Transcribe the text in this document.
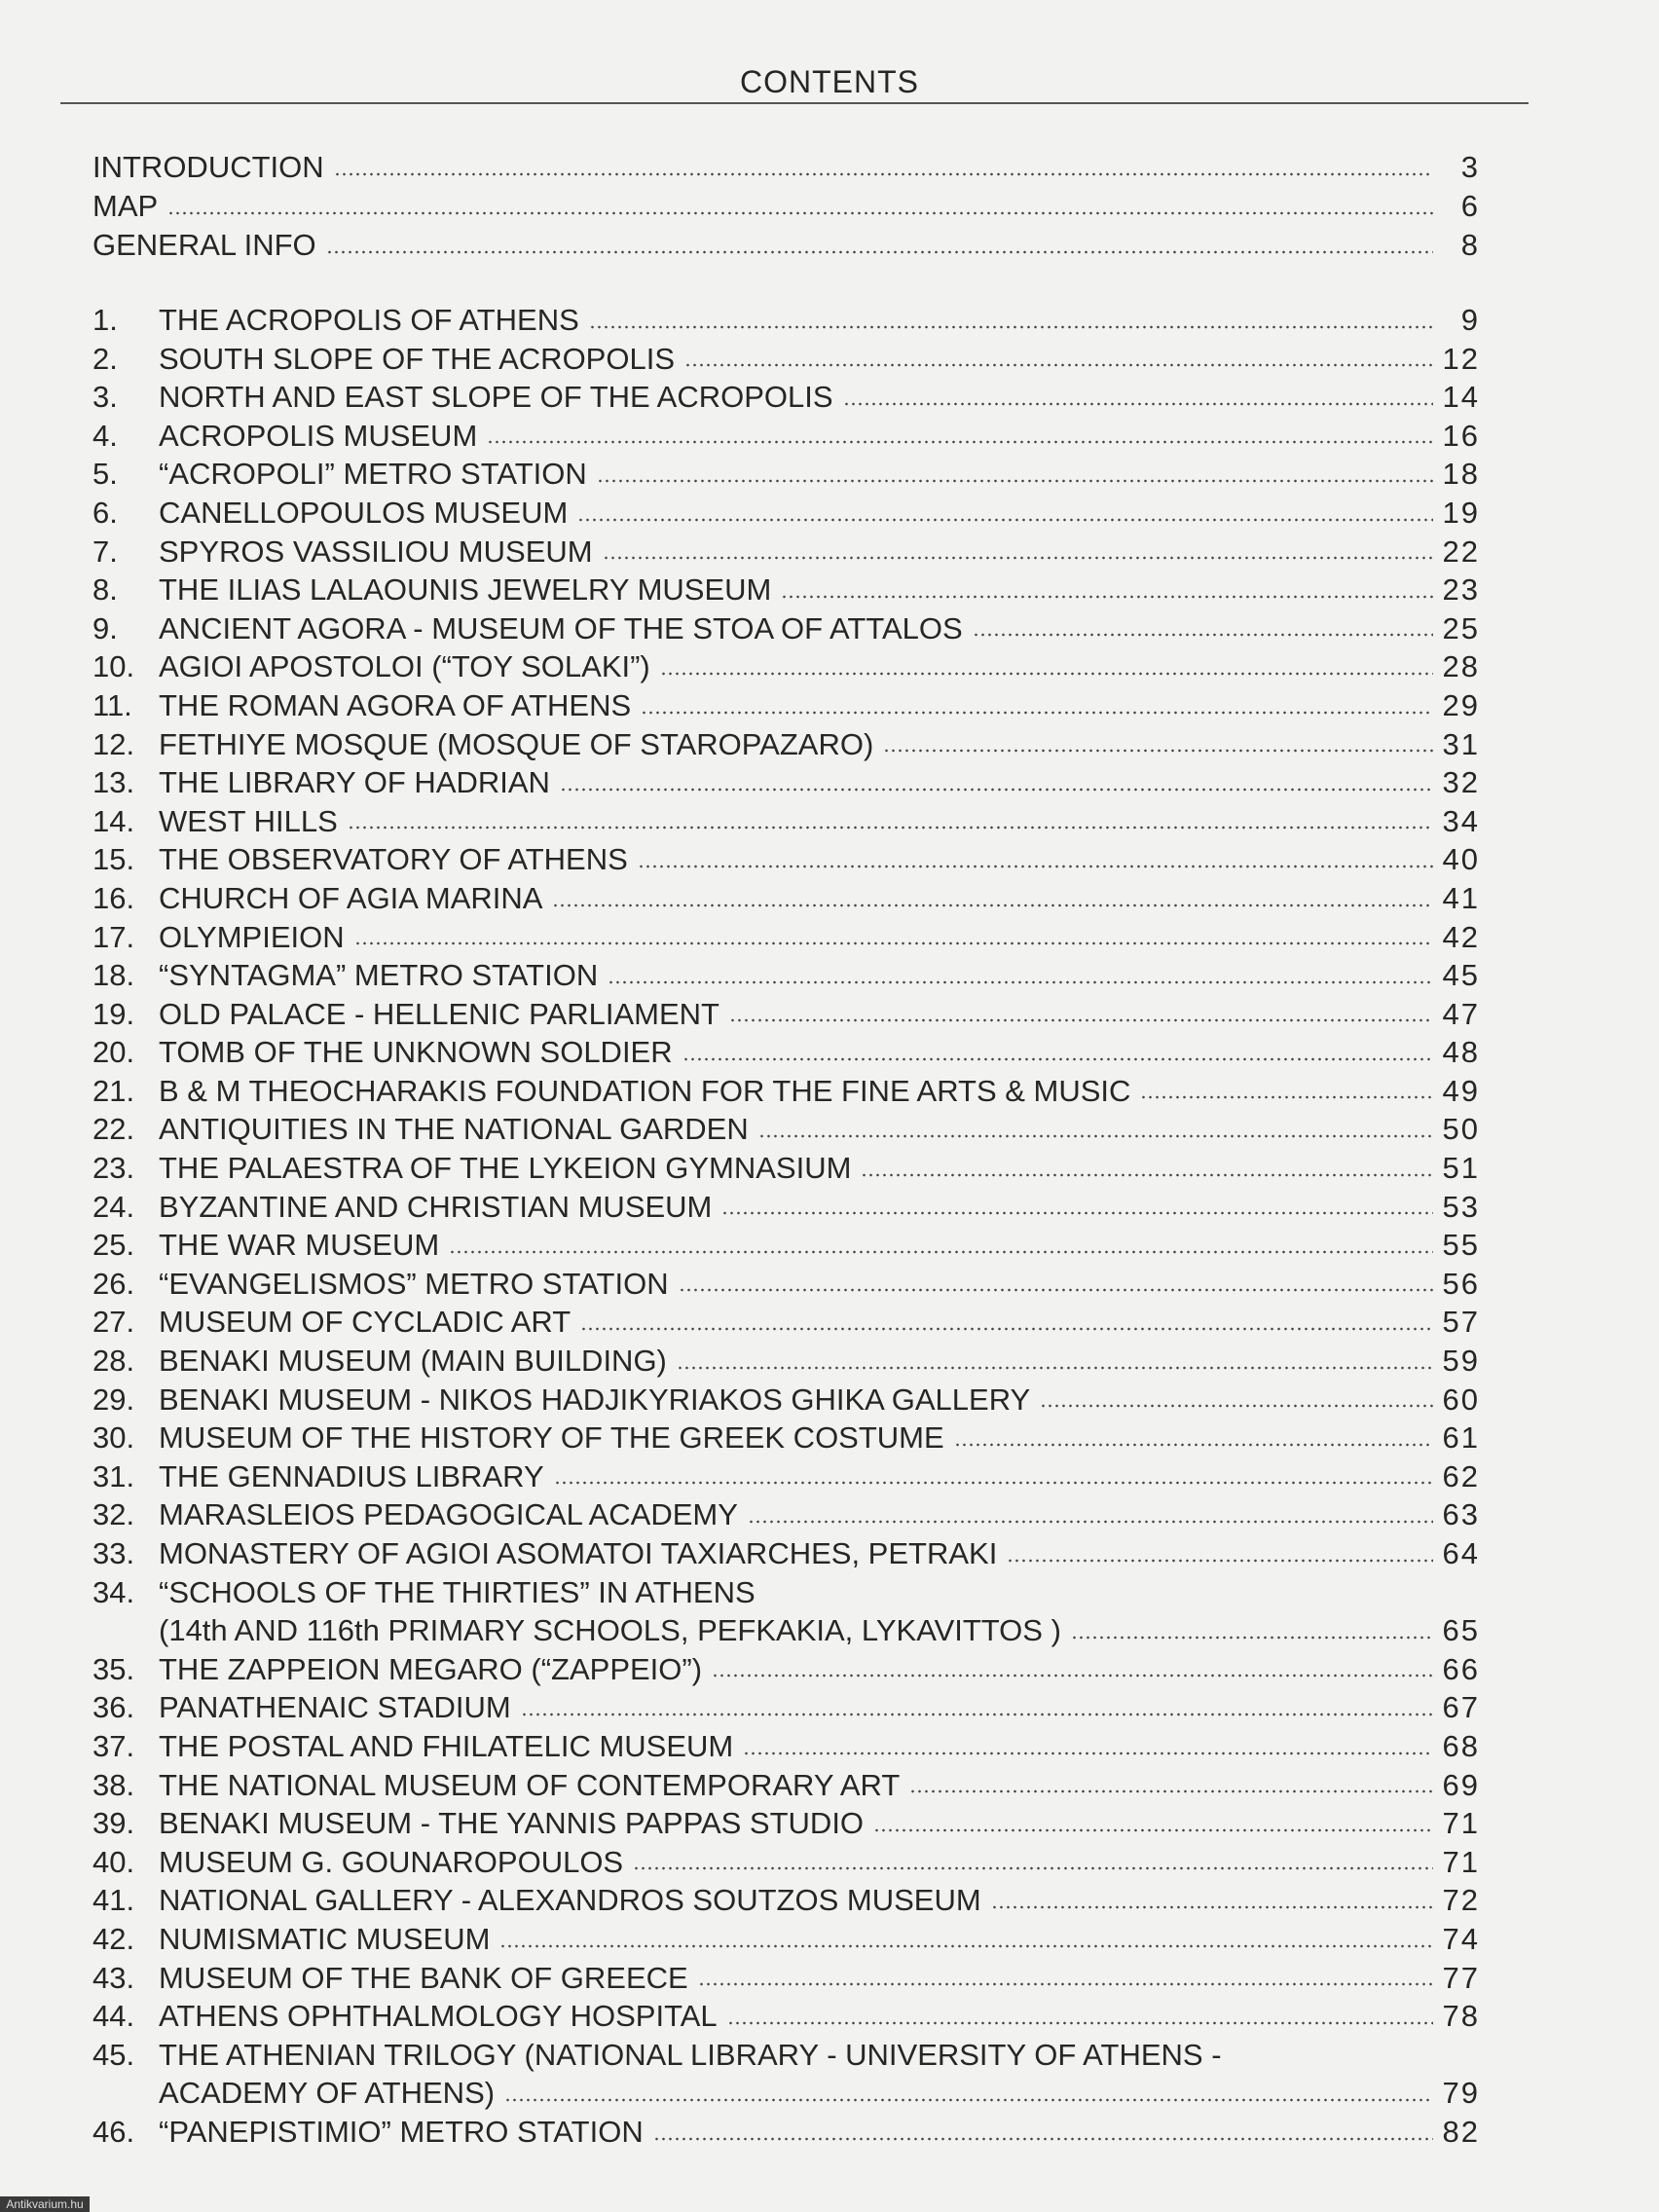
CONTENTS
INTRODUCTION	3
MAP	6
GENERAL INFO	8
1.	THE ACROPOLIS OF ATHENS	9
2.	SOUTH SLOPE OF THE ACROPOLIS	12
3.	NORTH AND EAST SLOPE OF THE ACROPOLIS	14
4.	ACROPOLIS MUSEUM	16
5.	“ACROPOLI” METRO STATION	18
6.	CANELLOPOULOS MUSEUM	19
7.	SPYROS VASSILIOU MUSEUM	22
8.	THE ILIAS LALAOUNIS JEWELRY MUSEUM	23
9.	ANCIENT AGORA - MUSEUM OF THE STOA OF ATTALOS	25
10. AGIOI APOSTOLOI (“TOY SOLAKI”)	28
11. THE ROMAN AGORA OF ATHENS	29
12. FETHIYE MOSQUE (MOSQUE OF STAROPAZARO)	31
13. THE LIBRARY OF HADRIAN	32
14. WEST HILLS	34
15. THE OBSERVATORY OF ATHENS	40
16. CHURCH OF AGIA MARINA	41
17. OLYMPIEION	42
18. “SYNTAGMA” METRO STATION	45
19. OLD PALACE - HELLENIC PARLIAMENT	47
20. TOMB OF THE UNKNOWN SOLDIER	48
21. B & M THEOCHARAKIS FOUNDATION FOR THE FINE ARTS & MUSIC	49
22. ANTIQUITIES IN THE NATIONAL GARDEN	50
23. THE PALAESTRA OF THE LYKEION GYMNASIUM	51
24. BYZANTINE AND CHRISTIAN MUSEUM	53
25. THE WAR MUSEUM	55
26. “EVANGELISMOS” METRO STATION	56
27. MUSEUM OF CYCLADIC ART	57
28. BENAKI MUSEUM (MAIN BUILDING)	59
29. BENAKI MUSEUM - NIKOS HADJIKYRIAKOS GHIKA GALLERY	60
30. MUSEUM OF THE HISTORY OF THE GREEK COSTUME	61
31. THE GENNADIUS LIBRARY	62
32. MARASLEIOS PEDAGOGICAL ACADEMY	63
33. MONASTERY OF AGIOI ASOMATOI TAXIARCHES, PETRAKI	64
34. “SCHOOLS OF THE THIRTIES” IN ATHENS
(14th AND 116th PRIMARY SCHOOLS, PEFKAKIA, LYKAVITTOS )	65
35. THE ZAPPEION MEGARO (“ZAPPEIO”)	66
36. PANATHENAIC STADIUM	67
37. THE POSTAL AND FHILATELIC MUSEUM	68
38. THE NATIONAL MUSEUM OF CONTEMPORARY ART	69
39. BENAKI MUSEUM - THE YANNIS PAPPAS STUDIO	71
40. MUSEUM G. GOUNAROPOULOS	71
41. NATIONAL GALLERY - ALEXANDROS SOUTZOS MUSEUM	72
42. NUMISMATIC MUSEUM	74
43. MUSEUM OF THE BANK OF GREECE	77
44. ATHENS OPHTHALMOLOGY HOSPITAL	78
45. THE ATHENIAN TRILOGY (NATIONAL LIBRARY - UNIVERSITY OF ATHENS -
ACADEMY OF ATHENS)	79
46. “PANEPISTIMIO” METRO STATION	82
Antikvarium.hu
